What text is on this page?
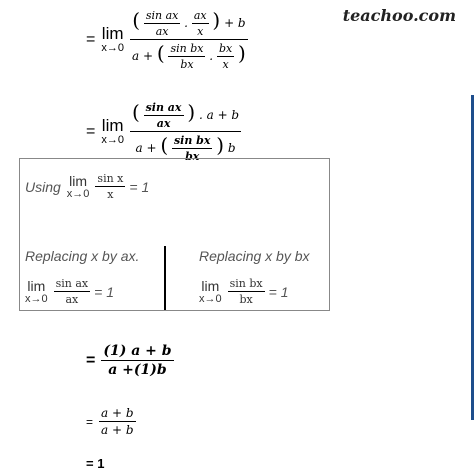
teachoo.com
= lim
x→0
( $\frac{\text{sin ax}}{ax}$ . $\frac{ax}{x}$ ) + b
a + ( $\frac{\text{sin bx}}{bx}$ . $\frac{bx}{x}$ )
= lim
x→0
( $\frac{\text{sin ax}}{ax}$ ) . a + b
a + ( $\frac{\text{sin bx}}{bx}$ ) b
Using lim
$x\to 0 \frac{\text{sin x}}{x} = 1$
Replacing x by ax.
lim
$x\to 0 \frac{\text{sin ax}}{ax} = 1$
Replacing x by bx
lim
$x\to 0 \frac{\text{sin bx}}{bx} = 1$
= $\frac{(1) a + b}{a +(1)b}$
= $\frac{a + b}{a + b}$
= 1
